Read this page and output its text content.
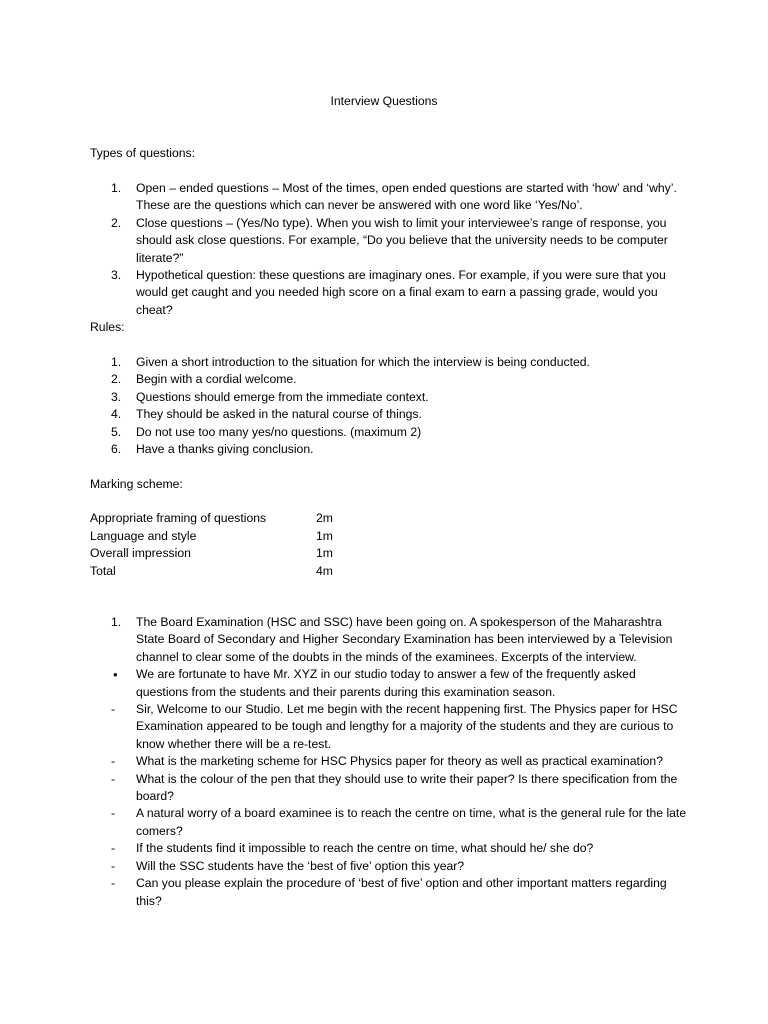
Interview Questions

Types of questions:

1.	Open – ended questions – Most of the times, open ended questions are started with ‘how’ and ‘why’. These are the questions which can never be answered with one word like ‘Yes/No’.
2.	Close questions – (Yes/No type). When you wish to limit your interviewee’s range of response, you should ask close questions. For example, “Do you believe that the university needs to be computer literate?”
3.	Hypothetical question: these questions are imaginary ones. For example, if you were sure that you would get caught and you needed high score on a final exam to earn a passing grade, would you cheat?

Rules:

1.	Given a short introduction to the situation for which the interview is being conducted.
2.	Begin with a cordial welcome.
3.	Questions should emerge from the immediate context.
4.	They should be asked in the natural course of things.
5.	Do not use too many yes/no questions. (maximum 2)
6.	Have a thanks giving conclusion.

Marking scheme:

Appropriate framing of questions	2m
Language and style	1m
Overall impression	1m
Total	4m
1.	The Board Examination (HSC and SSC) have been going on. A spokesperson of the Maharashtra State Board of Secondary and Higher Secondary Examination has been interviewed by a Television channel to clear some of the doubts in the minds of the examinees. Excerpts of the interview.
• We are fortunate to have Mr. XYZ in our studio today to answer a few of the frequently asked questions from the students and their parents during this examination season.
-	Sir, Welcome to our Studio. Let me begin with the recent happening first. The Physics paper for HSC Examination appeared to be tough and lengthy for a majority of the students and they are curious to know whether there will be a re-test.
-	What is the marketing scheme for HSC Physics paper for theory as well as practical examination?
-	What is the colour of the pen that they should use to write their paper? Is there specification from the board?
-	A natural worry of a board examinee is to reach the centre on time, what is the general rule for the late comers?
-	If the students find it impossible to reach the centre on time, what should he/ she do?
-	Will the SSC students have the ‘best of five’ option this year?
-	Can you please explain the procedure of ‘best of five’ option and other important matters regarding this?
